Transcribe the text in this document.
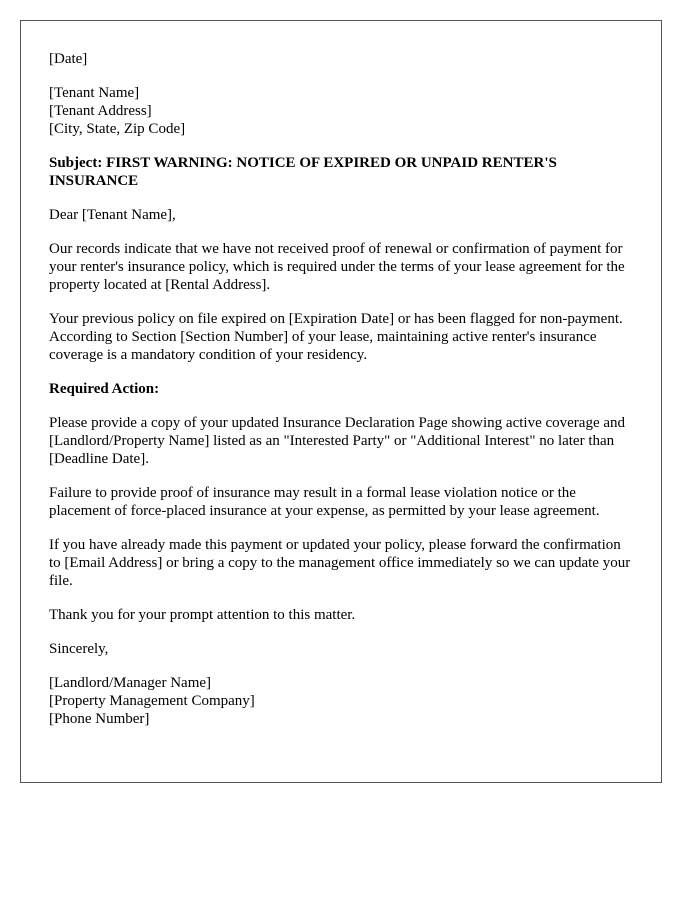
[Date]
[Tenant Name]
[Tenant Address]
[City, State, Zip Code]
Subject: FIRST WARNING: NOTICE OF EXPIRED OR UNPAID RENTER'S INSURANCE
Dear [Tenant Name],
Our records indicate that we have not received proof of renewal or confirmation of payment for your renter's insurance policy, which is required under the terms of your lease agreement for the property located at [Rental Address].
Your previous policy on file expired on [Expiration Date] or has been flagged for non-payment. According to Section [Section Number] of your lease, maintaining active renter's insurance coverage is a mandatory condition of your residency.
Required Action:
Please provide a copy of your updated Insurance Declaration Page showing active coverage and [Landlord/Property Name] listed as an "Interested Party" or "Additional Interest" no later than [Deadline Date].
Failure to provide proof of insurance may result in a formal lease violation notice or the placement of force-placed insurance at your expense, as permitted by your lease agreement.
If you have already made this payment or updated your policy, please forward the confirmation to [Email Address] or bring a copy to the management office immediately so we can update your file.
Thank you for your prompt attention to this matter.
Sincerely,
[Landlord/Manager Name]
[Property Management Company]
[Phone Number]
